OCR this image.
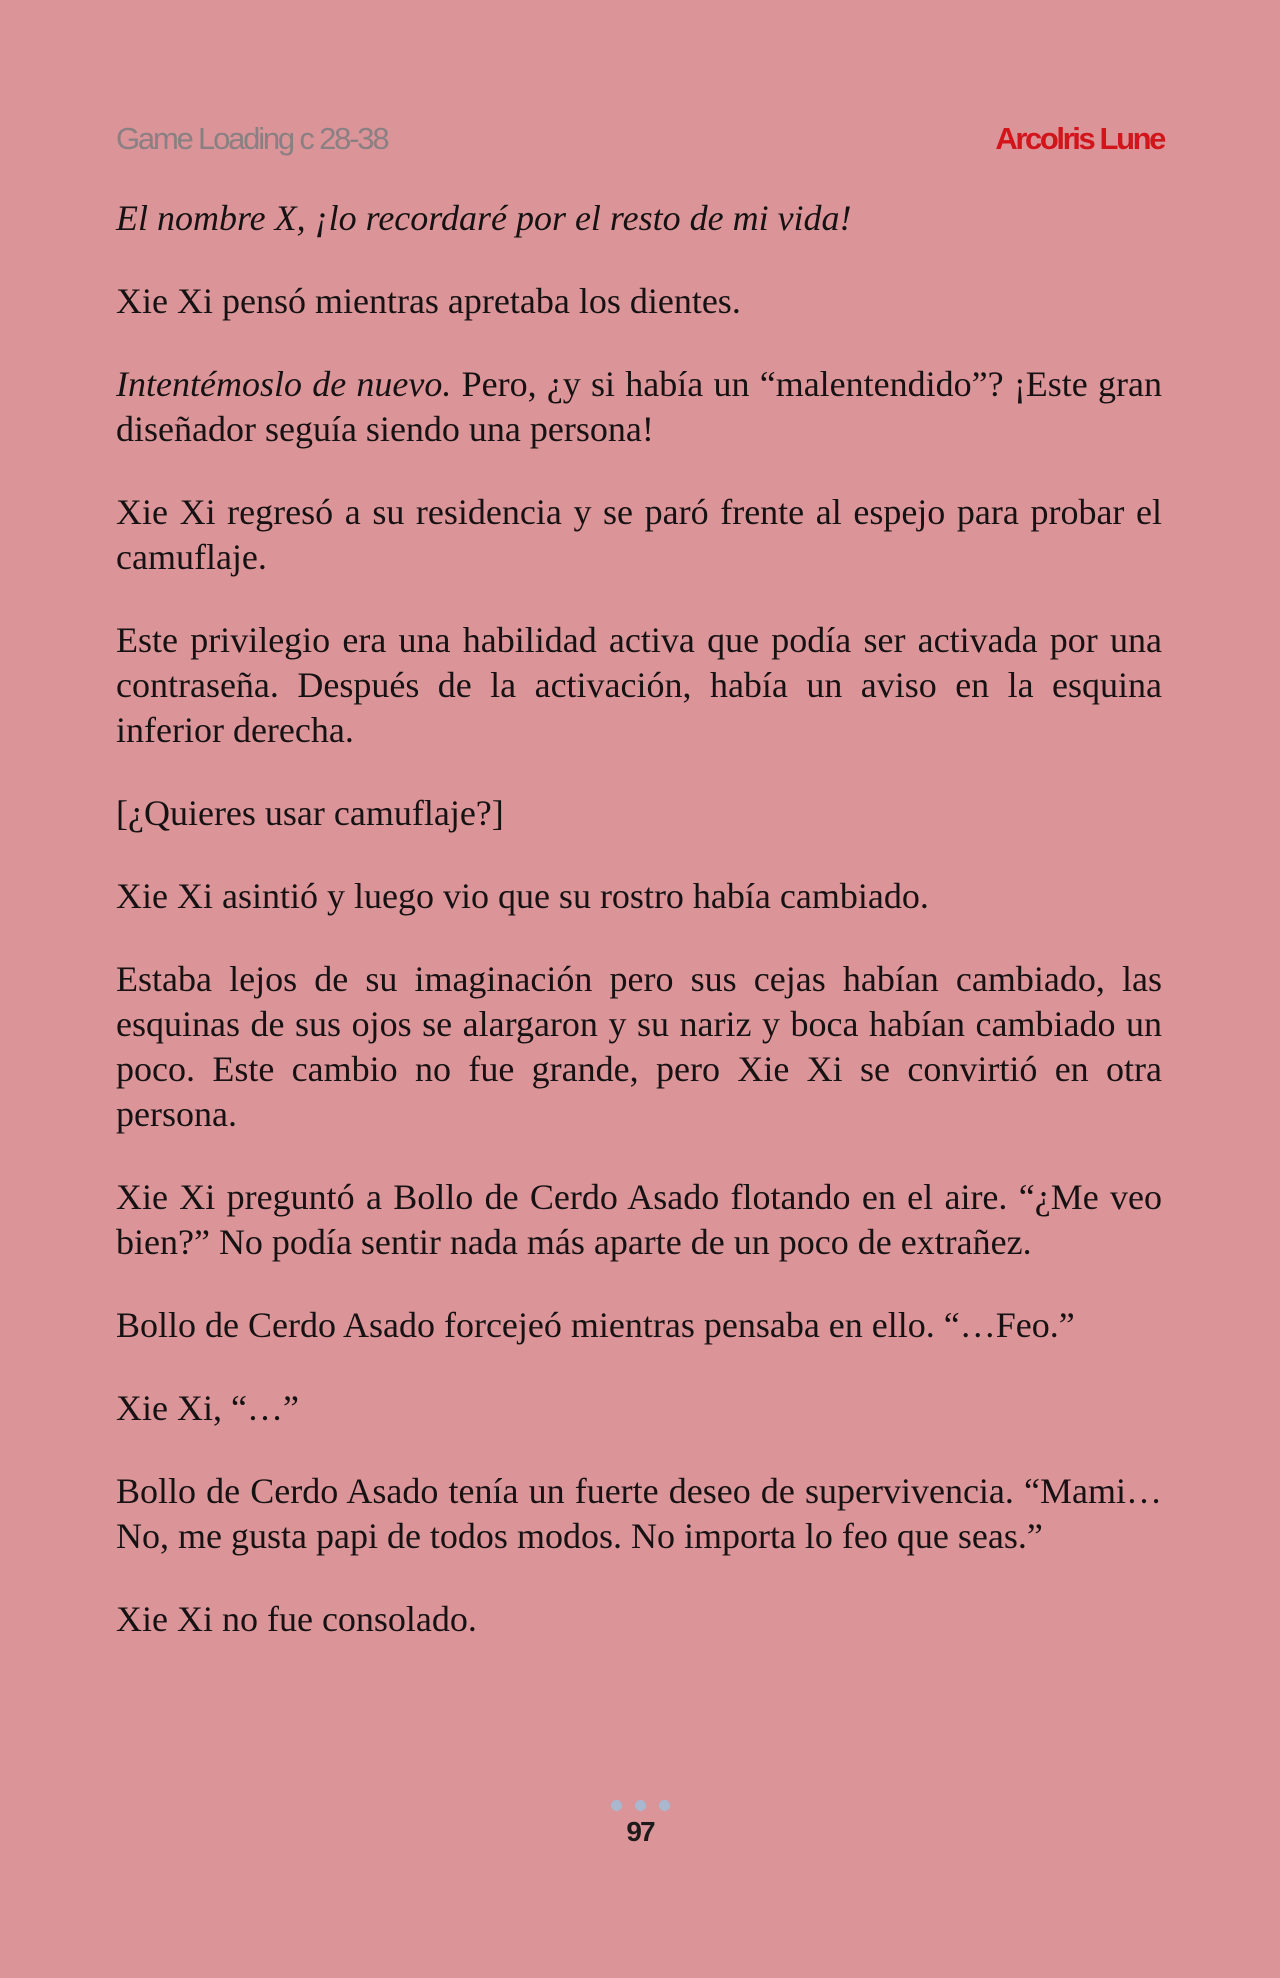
Game Loading c 28-38	Arcolris Lune

El nombre X, ¡lo recordaré por el resto de mi vida!

Xie Xi pensó mientras apretaba los dientes.

Intentémoslo de nuevo. Pero, ¿y si había un “malentendido”? ¡Este gran diseñador seguía siendo una persona!

Xie Xi regresó a su residencia y se paró frente al espejo para probar el camuflaje.

Este privilegio era una habilidad activa que podía ser activada por una contraseña. Después de la activación, había un aviso en la esquina inferior derecha.

[¿Quieres usar camuflaje?]

Xie Xi asintió y luego vio que su rostro había cambiado.

Estaba lejos de su imaginación pero sus cejas habían cambiado, las esquinas de sus ojos se alargaron y su nariz y boca habían cambiado un poco. Este cambio no fue grande, pero Xie Xi se convirtió en otra persona.

Xie Xi preguntó a Bollo de Cerdo Asado flotando en el aire. “¿Me veo bien?” No podía sentir nada más aparte de un poco de extrañez.

Bollo de Cerdo Asado forcejeó mientras pensaba en ello. “…Feo.”

Xie Xi, “…”

Bollo de Cerdo Asado tenía un fuerte deseo de supervivencia. “Mami…No, me gusta papi de todos modos. No importa lo feo que seas.”

Xie Xi no fue consolado.

97
